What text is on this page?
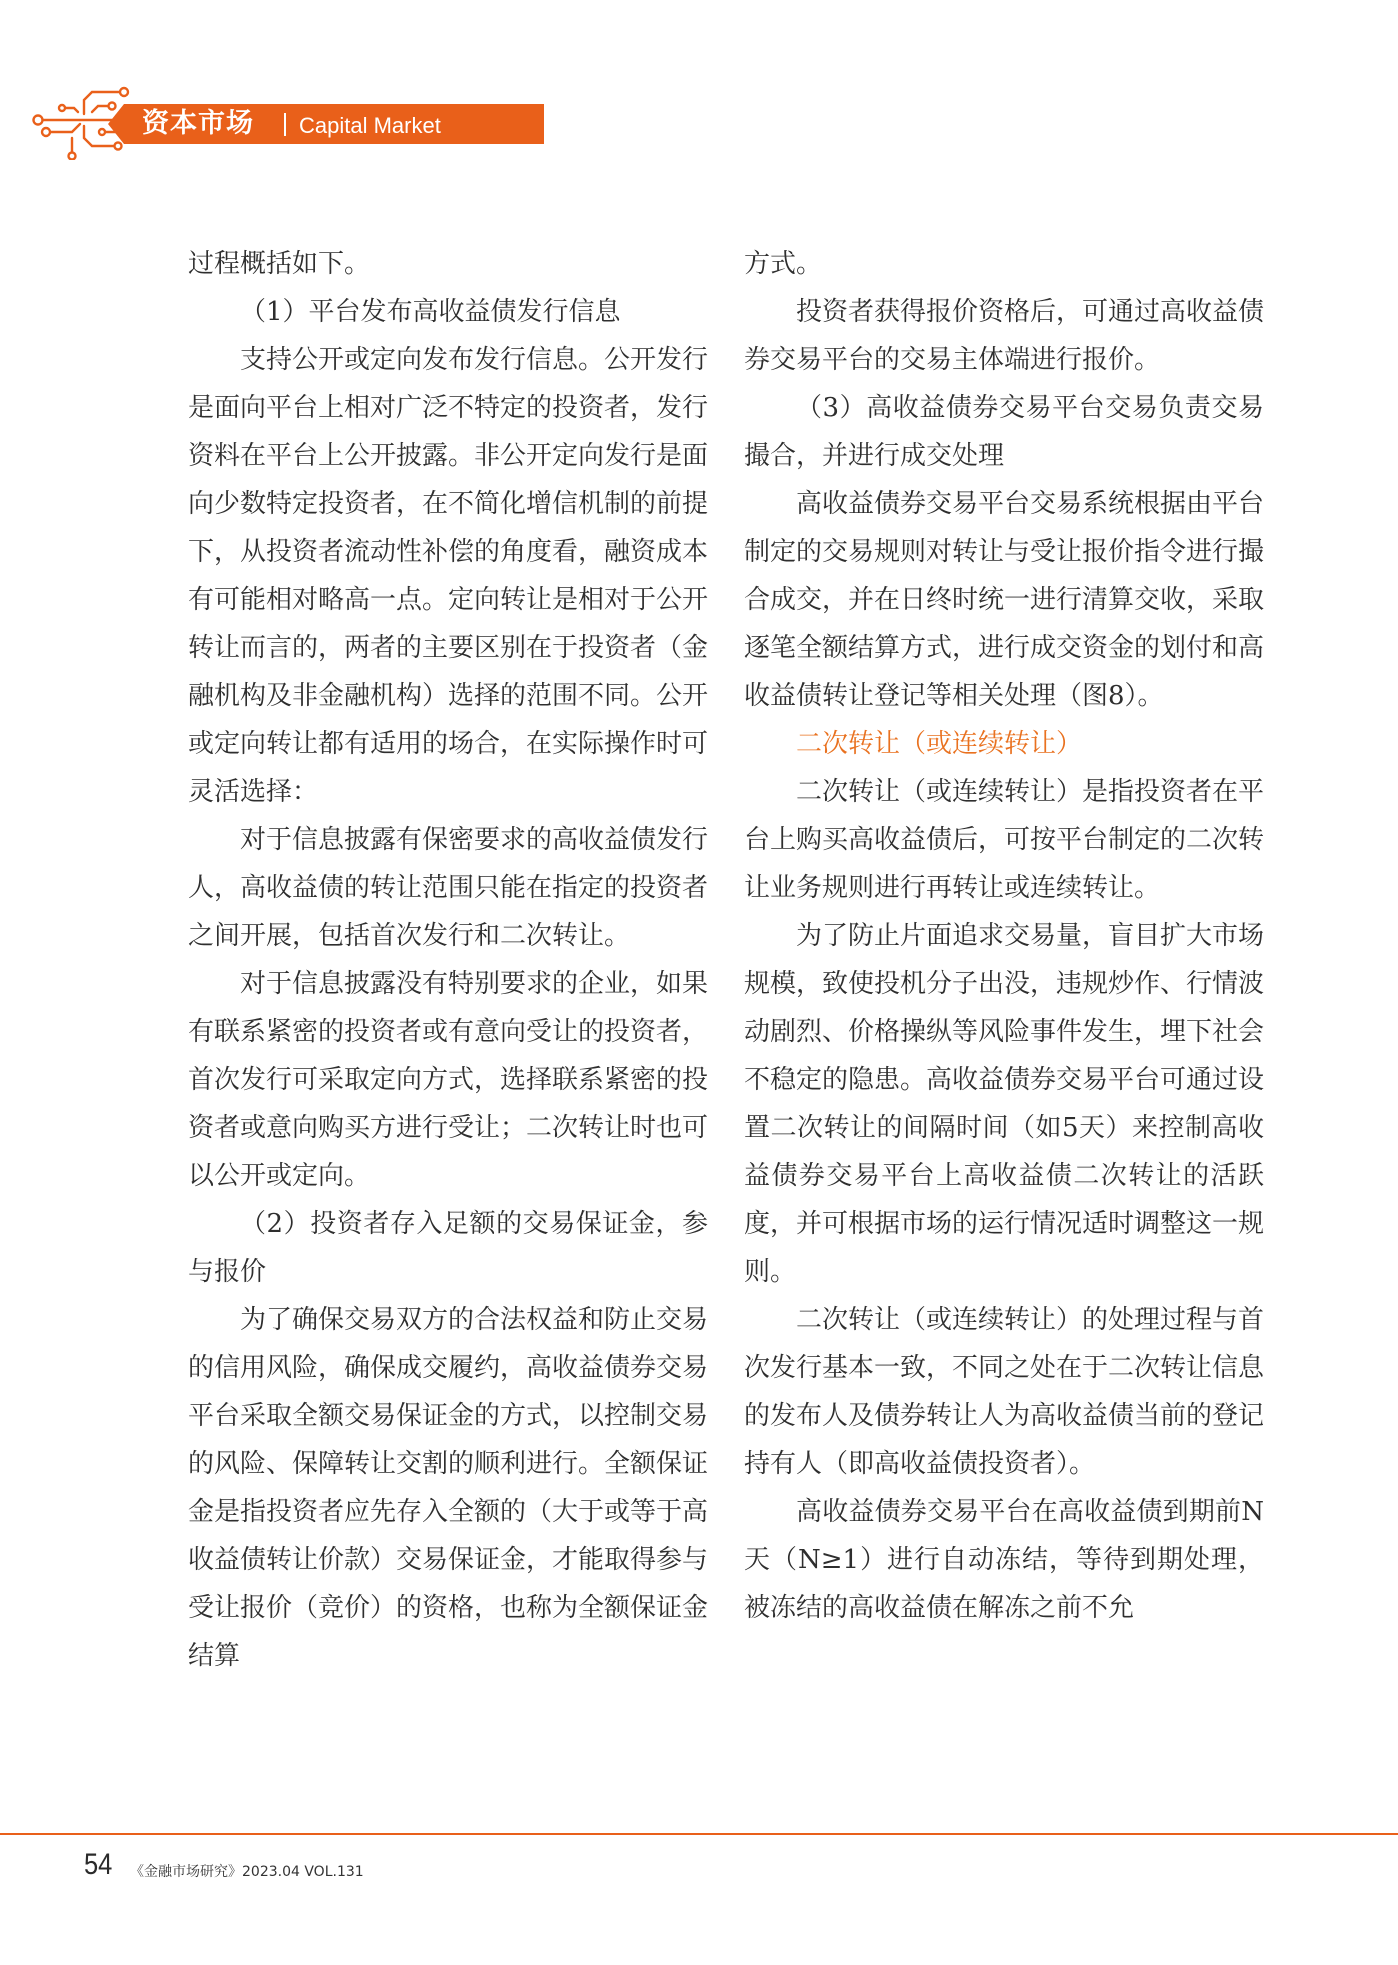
资本市场 Capital Market

过程概括如下。

（1）平台发布高收益债发行信息

支持公开或定向发布发行信息。公开发行是面向平台上相对广泛不特定的投资者，发行资料在平台上公开披露。非公开定向发行是面向少数特定投资者，在不简化增信机制的前提下，从投资者流动性补偿的角度看，融资成本有可能相对略高一点。定向转让是相对于公开转让而言的，两者的主要区别在于投资者（金融机构及非金融机构）选择的范围不同。公开或定向转让都有适用的场合，在实际操作时可灵活选择：

对于信息披露有保密要求的高收益债发行人，高收益债的转让范围只能在指定的投资者之间开展，包括首次发行和二次转让。

对于信息披露没有特别要求的企业，如果有联系紧密的投资者或有意向受让的投资者，首次发行可采取定向方式，选择联系紧密的投资者或意向购买方进行受让；二次转让时也可以公开或定向。

（2）投资者存入足额的交易保证金，参与报价

为了确保交易双方的合法权益和防止交易的信用风险，确保成交履约，高收益债券交易平台采取全额交易保证金的方式，以控制交易的风险、保障转让交割的顺利进行。全额保证金是指投资者应先存入全额的（大于或等于高收益债转让价款）交易保证金，才能取得参与受让报价（竞价）的资格，也称为全额保证金结算

方式。

投资者获得报价资格后，可通过高收益债券交易平台的交易主体端进行报价。

（3）高收益债券交易平台交易负责交易撮合，并进行成交处理

高收益债券交易平台交易系统根据由平台制定的交易规则对转让与受让报价指令进行撮合成交，并在日终时统一进行清算交收，采取逐笔全额结算方式，进行成交资金的划付和高收益债转让登记等相关处理（图8）。

二次转让（或连续转让）

二次转让（或连续转让）是指投资者在平台上购买高收益债后，可按平台制定的二次转让业务规则进行再转让或连续转让。

为了防止片面追求交易量，盲目扩大市场规模，致使投机分子出没，违规炒作、行情波动剧烈、价格操纵等风险事件发生，埋下社会不稳定的隐患。高收益债券交易平台可通过设置二次转让的间隔时间（如5天）来控制高收益债券交易平台上高收益债二次转让的活跃度，并可根据市场的运行情况适时调整这一规则。

二次转让（或连续转让）的处理过程与首次发行基本一致，不同之处在于二次转让信息的发布人及债券转让人为高收益债当前的登记持有人（即高收益债投资者）。

高收益债券交易平台在高收益债到期前N天（N≥1）进行自动冻结，等待到期处理，被冻结的高收益债在解冻之前不允

54 《金融市场研究》2023.04 VOL.131
